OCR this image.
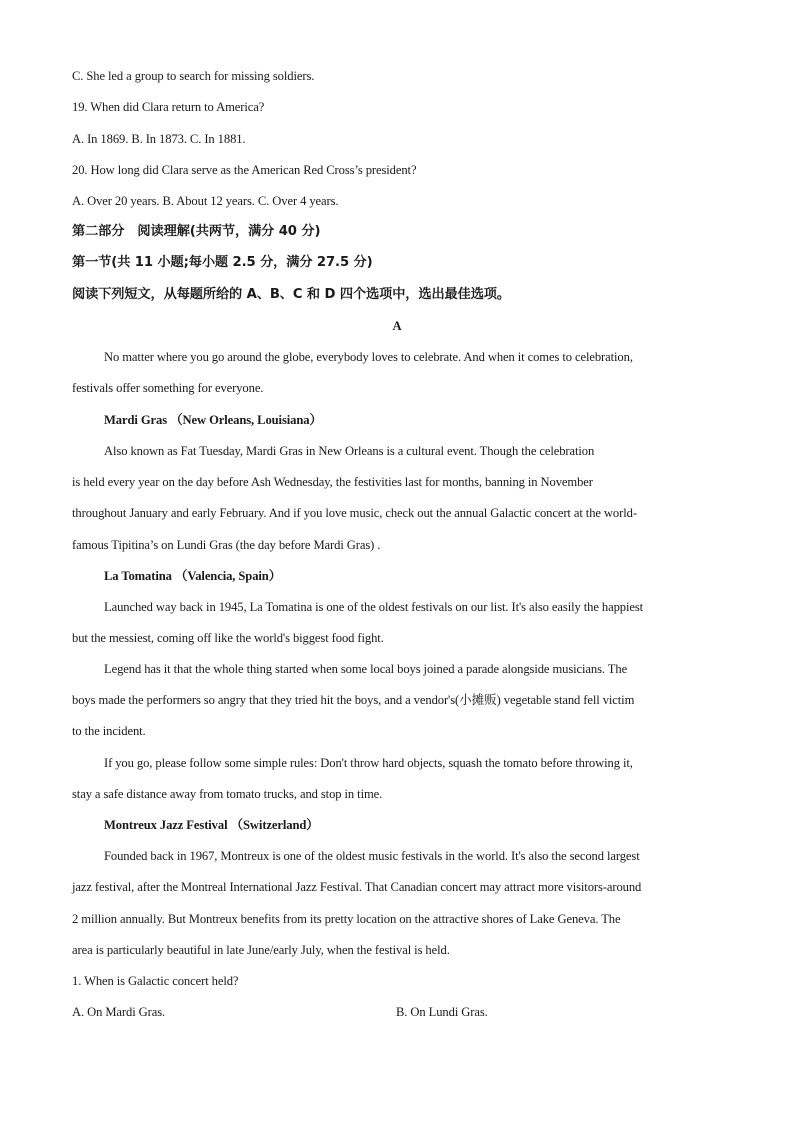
C. She led a group to search for missing soldiers.
19. When did Clara return to America?
A. In 1869. B. In 1873. C. In 1881.
20. How long did Clara serve as the American Red Cross’s president?
A. Over 20 years. B. About 12 years. C. Over 4 years.
第二部分　阅读理解(共两节，满分 40 分)
第一节(共 11 小题;每小题 2.5 分，满分 27.5 分)
阅读下列短文，从每题所给的 A、B、C 和 D 四个选项中，选出最佳选项。
A
No matter where you go around the globe, everybody loves to celebrate. And when it comes to celebration,
festivals offer something for everyone.
Mardi Gras （New Orleans, Louisiana）
Also known as Fat Tuesday, Mardi Gras in New Orleans is a cultural event. Though the celebration
is held every year on the day before Ash Wednesday, the festivities last for months, banning in November
throughout January and early February. And if you love music, check out the annual Galactic concert at the world-
famous Tipitina’s on Lundi Gras (the day before Mardi Gras) .
La Tomatina （Valencia, Spain）
Launched way back in 1945, La Tomatina is one of the oldest festivals on our list. It's also easily the happiest
but the messiest, coming off like the world's biggest food fight.
Legend has it that the whole thing started when some local boys joined a parade alongside musicians. The
boys made the performers so angry that they tried hit the boys, and a vendor's(小摊贩) vegetable stand fell victim
to the incident.
If you go, please follow some simple rules: Don't throw hard objects, squash the tomato before throwing it,
stay a safe distance away from tomato trucks, and stop in time.
Montreux Jazz Festival （Switzerland）
Founded back in 1967, Montreux is one of the oldest music festivals in the world. It's also the second largest
jazz festival, after the Montreal International Jazz Festival. That Canadian concert may attract more visitors-around
2 million annually. But Montreux benefits from its pretty location on the attractive shores of Lake Geneva. The
area is particularly beautiful in late June/early July, when the festival is held.
1. When is Galactic concert held?
A. On Mardi Gras.	B. On Lundi Gras.
